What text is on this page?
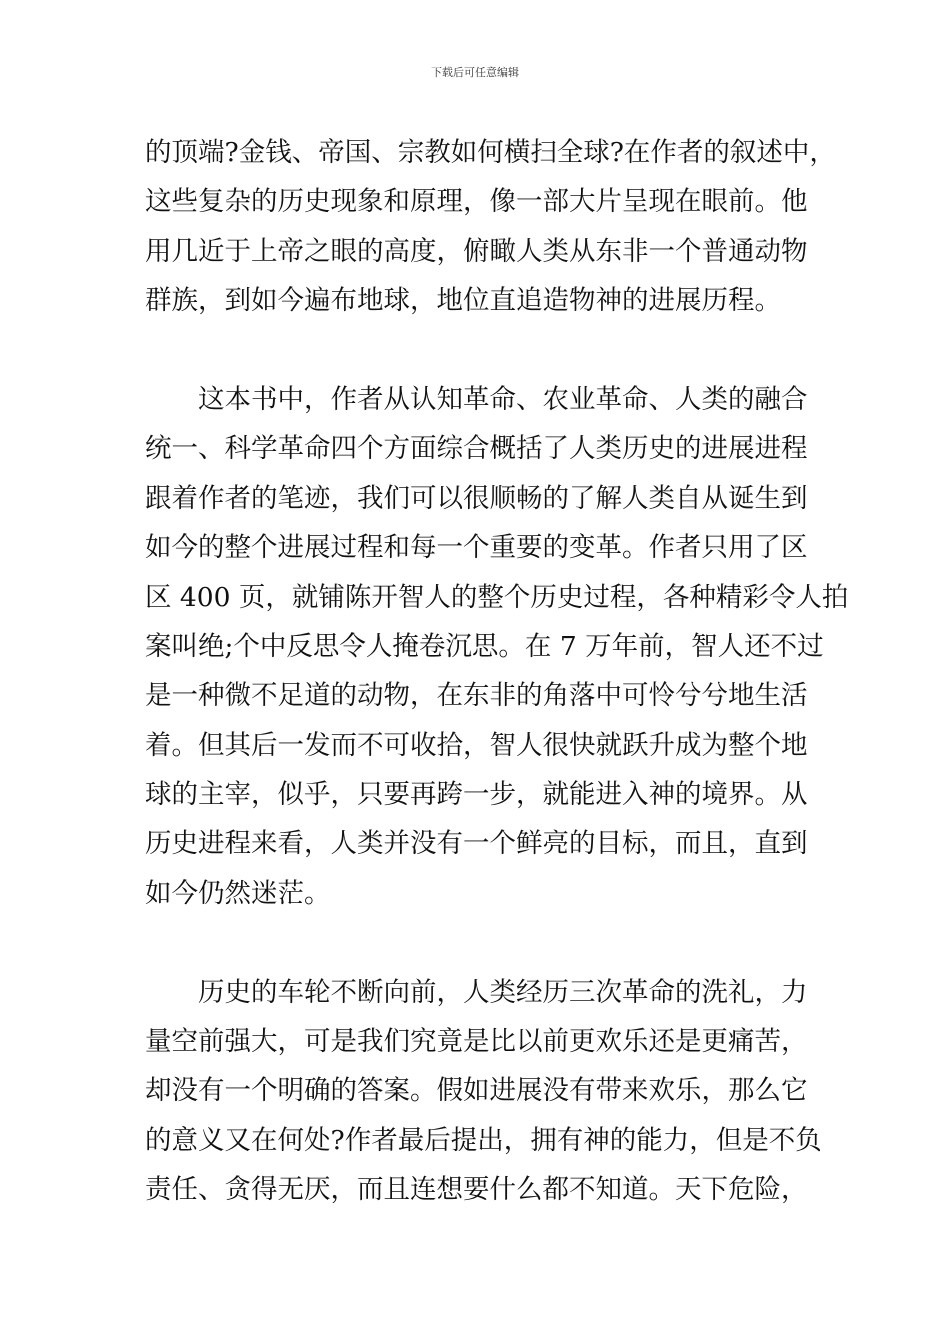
下载后可任意编辑
的顶端?金钱、帝国、宗教如何横扫全球?在作者的叙述中，
这些复杂的历史现象和原理，像一部大片呈现在眼前。他
用几近于上帝之眼的高度，俯瞰人类从东非一个普通动物
群族，到如今遍布地球，地位直追造物神的进展历程。
　　这本书中，作者从认知革命、农业革命、人类的融合
统一、科学革命四个方面综合概括了人类历史的进展进程
跟着作者的笔迹，我们可以很顺畅的了解人类自从诞生到
如今的整个进展过程和每一个重要的变革。作者只用了区
区 400 页，就铺陈开智人的整个历史过程，各种精彩令人拍
案叫绝;个中反思令人掩卷沉思。在 7 万年前，智人还不过
是一种微不足道的动物，在东非的角落中可怜兮兮地生活
着。但其后一发而不可收拾，智人很快就跃升成为整个地
球的主宰，似乎，只要再跨一步，就能进入神的境界。从
历史进程来看，人类并没有一个鲜亮的目标，而且，直到
如今仍然迷茫。
　　历史的车轮不断向前，人类经历三次革命的洗礼，力
量空前强大，可是我们究竟是比以前更欢乐还是更痛苦，
却没有一个明确的答案。假如进展没有带来欢乐，那么它
的意义又在何处?作者最后提出，拥有神的能力，但是不负
责任、贪得无厌，而且连想要什么都不知道。天下危险，
